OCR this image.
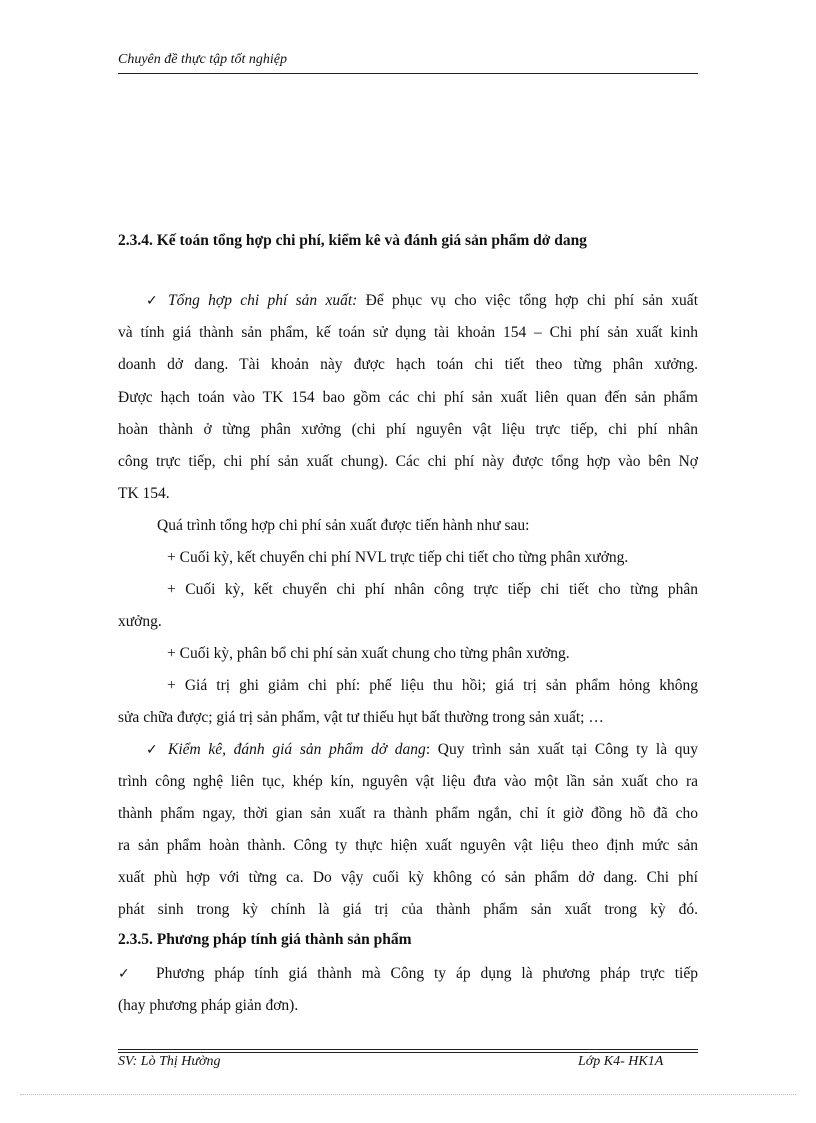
Chuyên đề thực tập tốt nghiệp
2.3.4. Kế toán tổng hợp chi phí, kiểm kê và đánh giá sản phẩm dở dang
✓ Tổng hợp chi phí sản xuất: Để phục vụ cho việc tổng hợp chi phí sản xuất
và tính giá thành sản phẩm, kế toán sử dụng tài khoản 154 – Chi phí sản xuất kinh
doanh dở dang. Tài khoản này được hạch toán chi tiết theo từng phân xưởng.
Được hạch toán vào TK 154 bao gồm các chi phí sản xuất liên quan đến sản phẩm
hoàn thành ở từng phân xưởng (chi phí nguyên vật liệu trực tiếp, chi phí nhân
công trực tiếp, chi phí sản xuất chung). Các chi phí này được tổng hợp vào bên Nợ
TK 154.
Quá trình tổng hợp chi phí sản xuất được tiến hành như sau:
+ Cuối kỳ, kết chuyển chi phí NVL trực tiếp chi tiết cho từng phân xưởng.
+ Cuối kỳ, kết chuyển chi phí nhân công trực tiếp chi tiết cho từng phân
xưởng.
+ Cuối kỳ, phân bổ chi phí sản xuất chung cho từng phân xưởng.
+ Giá trị ghi giảm chi phí: phế liệu thu hồi; giá trị sản phẩm hỏng không
sửa chữa được; giá trị sản phẩm, vật tư thiếu hụt bất thường trong sản xuất; …
✓ Kiểm kê, đánh giá sản phẩm dở dang: Quy trình sản xuất tại Công ty là quy
trình công nghệ liên tục, khép kín, nguyên vật liệu đưa vào một lần sản xuất cho ra
thành phẩm ngay, thời gian sản xuất ra thành phẩm ngắn, chỉ ít giờ đồng hồ đã cho
ra sản phẩm hoàn thành. Công ty thực hiện xuất nguyên vật liệu theo định mức sản
xuất phù hợp với từng ca. Do vậy cuối kỳ không có sản phẩm dở dang. Chi phí
phát sinh trong kỳ chính là giá trị của thành phẩm sản xuất trong kỳ đó.
2.3.5. Phương pháp tính giá thành sản phẩm
✓ Phương pháp tính giá thành mà Công ty áp dụng là phương pháp trực tiếp
(hay phương pháp giản đơn).
SV: Lò Thị Hường	Lớp K4- HK1A
